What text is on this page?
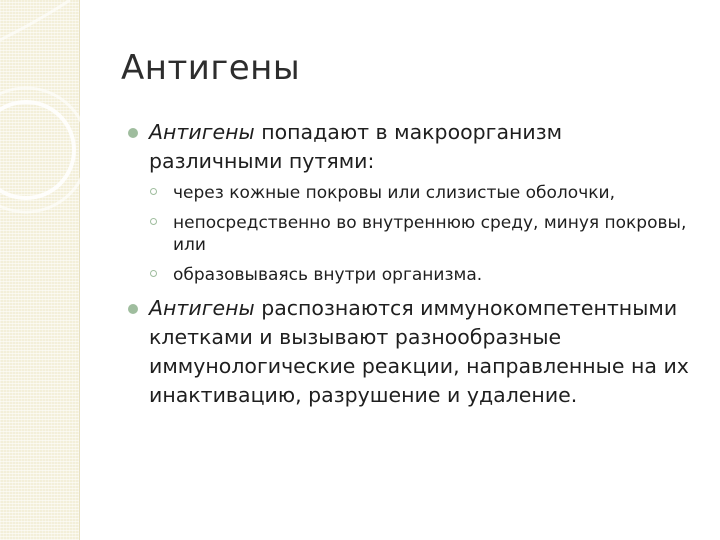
Антигены
Антигены попадают в макроорганизм различными путями:
через кожные покровы или слизистые оболочки,
непосредственно во внутреннюю среду, минуя покровы, или
образовываясь внутри организма.
Антигены распознаются иммунокомпетентными клетками и вызывают разнообразные иммунологические реакции, направленные на их инактивацию, разрушение и удаление.
